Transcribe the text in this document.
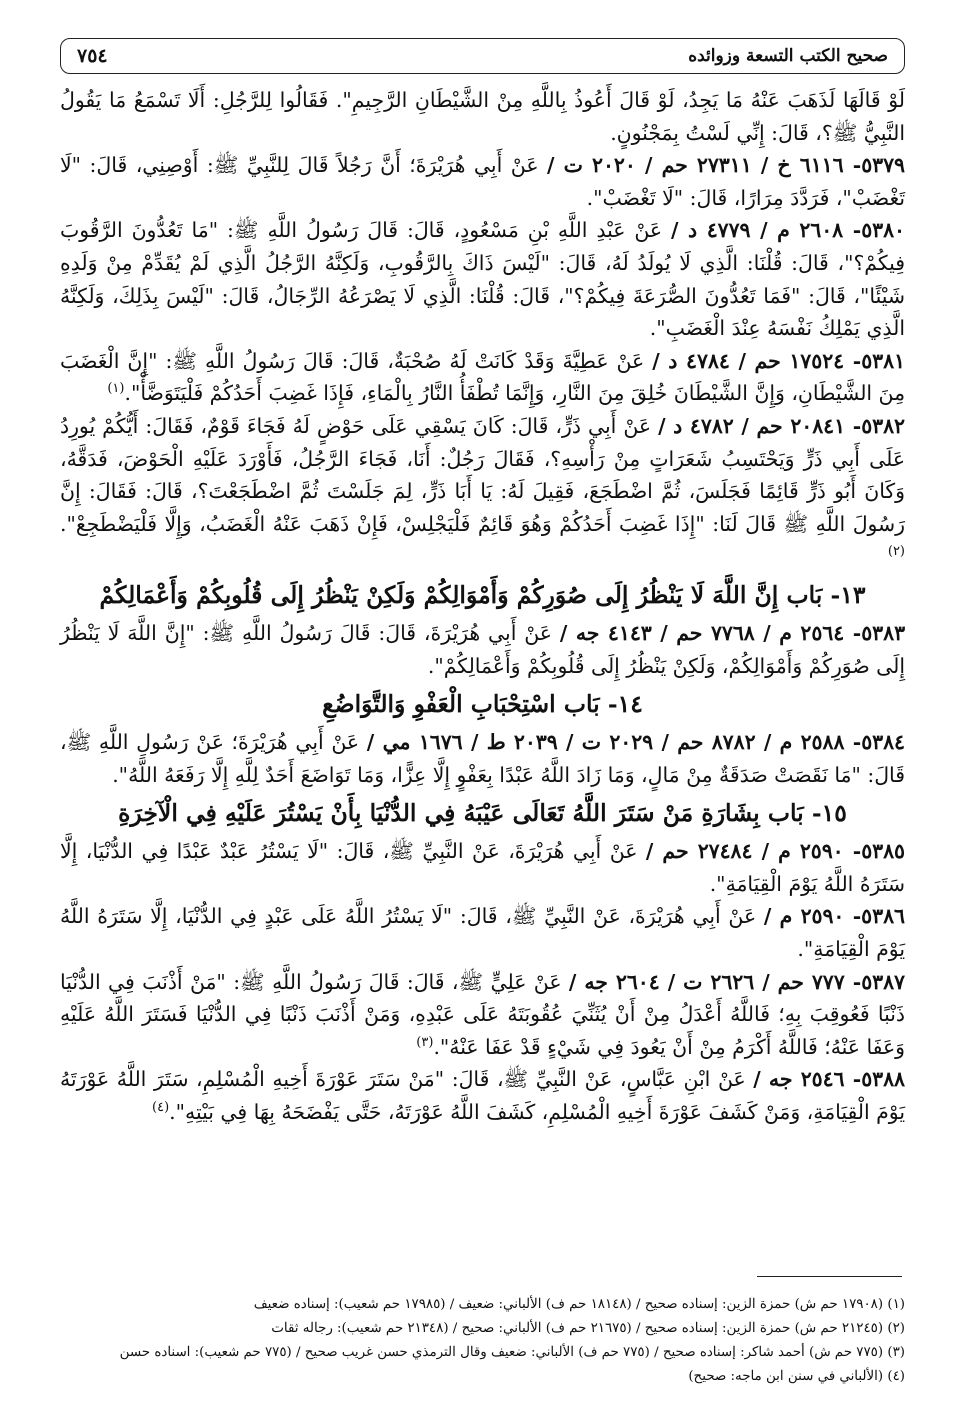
صحيح الكتب التسعة وزوائده
٧٥٤

لَوْ قَالَهَا لَذَهَبَ عَنْهُ مَا يَجِدُ، لَوْ قَالَ أَعُوذُ بِاللَّهِ مِنْ الشَّيْطَانِ الرَّجِيمِ". فَقَالُوا لِلرَّجُلِ: أَلَا تَسْمَعُ مَا يَقُولُ النَّبِيُّ ﷺ؟، قَالَ: إِنِّي لَسْتُ بِمَجْنُونٍ.

٥٣٧٩- ٦١١٦ خ / ٢٧٣١١ حم / ٢٠٢٠ ت / عَنْ أَبِي هُرَيْرَةَ؛ أَنَّ رَجُلاً قَالَ لِلنَّبِيِّ ﷺ: أَوْصِنِي، قَالَ: "لَا تَغْضَبْ"، فَرَدَّدَ مِرَارًا، قَالَ: "لَا تَغْضَبْ".

٥٣٨٠- ٢٦٠٨ م / ٤٧٧٩ د / عَنْ عَبْدِ اللَّهِ بْنِ مَسْعُودٍ، قَالَ: قَالَ رَسُولُ اللَّهِ ﷺ: "مَا تَعُدُّونَ الرَّقُوبَ فِيكُمْ؟"، قَالَ: قُلْنَا: الَّذِي لَا يُولَدُ لَهُ، قَالَ: "لَيْسَ ذَاكَ بِالرَّقُوبِ، وَلَكِنَّهُ الرَّجُلُ الَّذِي لَمْ يُقَدِّمْ مِنْ وَلَدِهِ شَيْئًا"، قَالَ: "فَمَا تَعُدُّونَ الصُّرَعَةَ فِيكُمْ؟"، قَالَ: قُلْنَا: الَّذِي لَا يَصْرَعُهُ الرِّجَالُ، قَالَ: "لَيْسَ بِذَلِكَ، وَلَكِنَّهُ الَّذِي يَمْلِكُ نَفْسَهُ عِنْدَ الْغَضَبِ".

٥٣٨١- ١٧٥٢٤ حم / ٤٧٨٤ د / عَنْ عَطِيَّةَ وَقَدْ كَانَتْ لَهُ صُحْبَةٌ، قَالَ: قَالَ رَسُولُ اللَّهِ ﷺ: "إِنَّ الْغَضَبَ مِنَ الشَّيْطَانِ، وَإِنَّ الشَّيْطَانَ خُلِقَ مِنَ النَّارِ، وَإِنَّمَا تُطْفَأُ النَّارُ بِالْمَاءِ، فَإِذَا غَضِبَ أَحَدُكُمْ فَلْيَتَوَضَّأْ".$^{(١)}$

٥٣٨٢- ٢٠٨٤١ حم / ٤٧٨٢ د / عَنْ أَبِي ذَرٍّ، قَالَ: كَانَ يَسْقِي عَلَى حَوْضٍ لَهُ فَجَاءَ قَوْمٌ، فَقَالَ: أَيُّكُمْ يُورِدُ عَلَى أَبِي ذَرٍّ وَيَحْتَسِبُ شَعَرَاتٍ مِنْ رَأْسِهِ؟، فَقَالَ رَجُلٌ: أَنَا، فَجَاءَ الرَّجُلُ، فَأَوْرَدَ عَلَيْهِ الْحَوْضَ، فَدَقَّهُ، وَكَانَ أَبُو ذَرٍّ قَائِمًا فَجَلَسَ، ثُمَّ اضْطَجَعَ، فَقِيلَ لَهُ: يَا أَبَا ذَرٍّ، لِمَ جَلَسْتَ ثُمَّ اضْطَجَعْتَ؟، قَالَ: فَقَالَ: إِنَّ رَسُولَ اللَّهِ ﷺ قَالَ لَنَا: "إِذَا غَضِبَ أَحَدُكُمْ وَهُوَ قَائِمٌ فَلْيَجْلِسْ، فَإِنْ ذَهَبَ عَنْهُ الْغَضَبُ، وَإِلَّا فَلْيَضْطَجِعْ".$^{(٢)}$

١٣- بَاب إِنَّ اللَّهَ لَا يَنْظُرُ إِلَى صُوَرِكُمْ وَأَمْوَالِكُمْ وَلَكِنْ يَنْظُرُ إِلَى قُلُوبِكُمْ وَأَعْمَالِكُمْ

٥٣٨٣- ٢٥٦٤ م / ٧٧٦٨ حم / ٤١٤٣ جه / عَنْ أَبِي هُرَيْرَةَ، قَالَ: قَالَ رَسُولُ اللَّهِ ﷺ: "إِنَّ اللَّهَ لَا يَنْظُرُ إِلَى صُوَرِكُمْ وَأَمْوَالِكُمْ، وَلَكِنْ يَنْظُرُ إِلَى قُلُوبِكُمْ وَأَعْمَالِكُمْ".

١٤- بَاب اسْتِحْبَابِ الْعَفْوِ وَالتَّوَاضُعِ

٥٣٨٤- ٢٥٨٨ م / ٨٧٨٢ حم / ٢٠٢٩ ت / ٢٠٣٩ ط / ١٦٧٦ مي / عَنْ أَبِي هُرَيْرَةَ؛ عَنْ رَسُولِ اللَّهِ ﷺ، قَالَ: "مَا نَقَصَتْ صَدَقَةٌ مِنْ مَالٍ، وَمَا زَادَ اللَّهُ عَبْدًا بِعَفْوٍ إِلَّا عِزًّا، وَمَا تَوَاضَعَ أَحَدٌ لِلَّهِ إِلَّا رَفَعَهُ اللَّهُ".

١٥- بَاب بِشَارَةِ مَنْ سَتَرَ اللَّهُ تَعَالَى عَيْبَهُ فِي الدُّنْيَا بِأَنْ يَسْتُرَ عَلَيْهِ فِي الْآخِرَةِ

٥٣٨٥- ٢٥٩٠ م / ٢٧٤٨٤ حم / عَنْ أَبِي هُرَيْرَةَ، عَنْ النَّبِيِّ ﷺ، قَالَ: "لَا يَسْتُرُ عَبْدٌ عَبْدًا فِي الدُّنْيَا، إِلَّا سَتَرَهُ اللَّهُ يَوْمَ الْقِيَامَةِ".

٥٣٨٦- ٢٥٩٠ م / عَنْ أَبِي هُرَيْرَةَ، عَنْ النَّبِيِّ ﷺ، قَالَ: "لَا يَسْتُرُ اللَّهُ عَلَى عَبْدٍ فِي الدُّنْيَا، إِلَّا سَتَرَهُ اللَّهُ يَوْمَ الْقِيَامَةِ".

٥٣٨٧- ٧٧٧ حم / ٢٦٢٦ ت / ٢٦٠٤ جه / عَنْ عَلِيٍّ ﷺ، قَالَ: قَالَ رَسُولُ اللَّهِ ﷺ: "مَنْ أَذْنَبَ فِي الدُّنْيَا ذَنْبًا فَعُوقِبَ بِهِ؛ فَاللَّهُ أَعْدَلُ مِنْ أَنْ يُثَنِّيَ عُقُوبَتَهُ عَلَى عَبْدِهِ، وَمَنْ أَذْنَبَ ذَنْبًا فِي الدُّنْيَا فَسَتَرَ اللَّهُ عَلَيْهِ وَعَفَا عَنْهُ؛ فَاللَّهُ أَكْرَمُ مِنْ أَنْ يَعُودَ فِي شَيْءٍ قَدْ عَفَا عَنْهُ".$^{(٣)}$

٥٣٨٨- ٢٥٤٦ جه / عَنْ ابْنِ عَبَّاسٍ، عَنْ النَّبِيِّ ﷺ، قَالَ: "مَنْ سَتَرَ عَوْرَةَ أَخِيهِ الْمُسْلِمِ، سَتَرَ اللَّهُ عَوْرَتَهُ يَوْمَ الْقِيَامَةِ، وَمَنْ كَشَفَ عَوْرَةَ أَخِيهِ الْمُسْلِمِ، كَشَفَ اللَّهُ عَوْرَتَهُ، حَتَّى يَفْضَحَهُ بِهَا فِي بَيْتِهِ".$^{(٤)}$

(١) (١٧٩٠٨ حم ش) حمزة الزين: إسناده صحيح / (١٨١٤٨ حم ف) الألباني: ضعيف / (١٧٩٨٥ حم شعيب): إسناده ضعيف

(٢) (٢١٢٤٥ حم ش) حمزة الزين: إسناده صحيح / (٢١٦٧٥ حم ف) الألباني: صحيح / (٢١٣٤٨ حم شعيب): رجاله ثقات

(٣) (٧٧٥ حم ش) أحمد شاكر: إسناده صحيح / (٧٧٥ حم ف) الألباني: ضعيف وقال الترمذي حسن غريب صحيح / (٧٧٥ حم شعيب): اسناده حسن

(٤) (الألباني في سنن ابن ماجه: صحيح)
